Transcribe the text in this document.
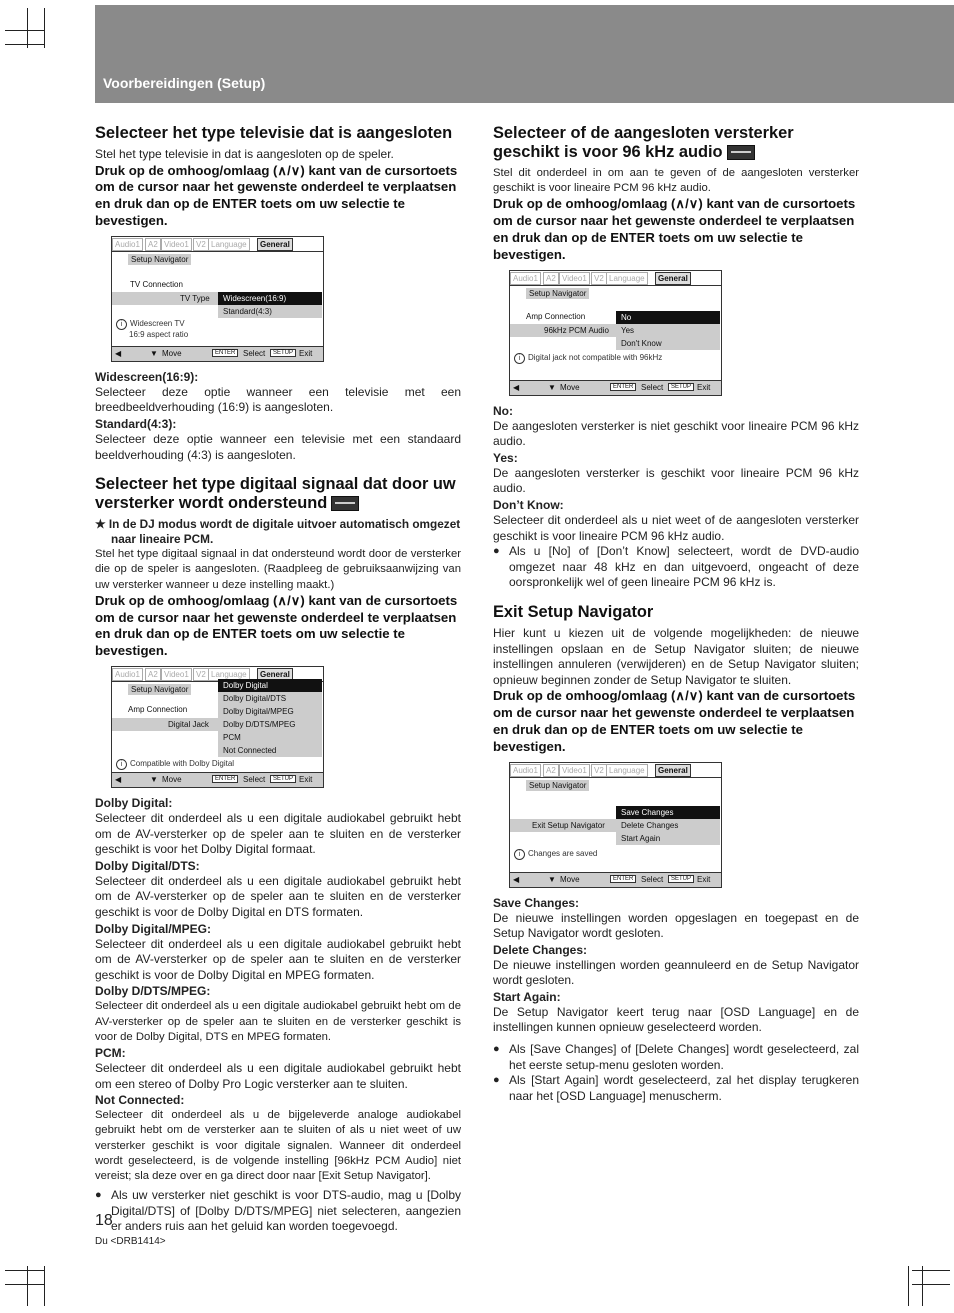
Voorbereidingen (Setup)
Selecteer het type televisie dat is aangesloten

Stel het type televisie in dat is aangesloten op de speler.

Druk op de omhoog/omlaag (∧/∨) kant van de cursortoets om de cursor naar het gewenste onderdeel te verplaatsen en druk dan op de ENTER toets om uw selectie te bevestigen.

Audio1	A2 Video1 V2 Language	General
Setup Navigator
TV Connection
TV Type	Widescreen(16:9)
Standard(4:3)
i Widescreen TV
16:9 aspect ratio
◀	▼ Move	ENTER Select	SETUP Exit
Widescreen(16:9):

Selecteer deze optie wanneer een televisie met een breedbeeldverhouding (16:9) is aangesloten.

Standard(4:3):

Selecteer deze optie wanneer een televisie met een standaard beeldverhouding (4:3) is aangesloten.

Selecteer het type digitaal signaal dat door uw versterker wordt ondersteund
★ In de DJ modus wordt de digitale uitvoer automatisch omgezet naar lineaire PCM.

Stel het type digitaal signaal in dat ondersteund wordt door de versterker die op de speler is aangesloten. (Raadpleeg de gebruiksaanwijzing van uw versterker wanneer u deze instelling maakt.)

Druk op de omhoog/omlaag (∧/∨) kant van de cursortoets om de cursor naar het gewenste onderdeel te verplaatsen en druk dan op de ENTER toets om uw selectie te bevestigen.

Audio1	A2 Video1 V2 Language	General
Setup Navigator
Amp Connection
Digital Jack
Dolby Digital
Dolby Digital/DTS
Dolby Digital/MPEG
Dolby D/DTS/MPEG
PCM
Not Connected
i Compatible with Dolby Digital
◀	▼ Move	ENTER Select	SETUP Exit
Dolby Digital:

Selecteer dit onderdeel als u een digitale audiokabel gebruikt hebt om de AV-versterker op de speler aan te sluiten en de versterker geschikt is voor het Dolby Digital formaat.

Dolby Digital/DTS:

Selecteer dit onderdeel als u een digitale audiokabel gebruikt hebt om de AV-versterker op de speler aan te sluiten en de versterker geschikt is voor de Dolby Digital en DTS formaten.

Dolby Digital/MPEG:

Selecteer dit onderdeel als u een digitale audiokabel gebruikt hebt om de AV-versterker op de speler aan te sluiten en de versterker geschikt is voor de Dolby Digital en MPEG formaten.

Dolby D/DTS/MPEG:

Selecteer dit onderdeel als u een digitale audiokabel gebruikt hebt om de AV-versterker op de speler aan te sluiten en de versterker geschikt is voor de Dolby Digital, DTS en MPEG formaten.

PCM:

Selecteer dit onderdeel als u een digitale audiokabel gebruikt hebt om een stereo of Dolby Pro Logic versterker aan te sluiten.

Not Connected:

Selecteer dit onderdeel als u de bijgeleverde analoge audiokabel gebruikt hebt om de versterker aan te sluiten of als u niet weet of uw versterker geschikt is voor digitale signalen. Wanneer dit onderdeel wordt geselecteerd, is de volgende instelling [96kHz PCM Audio] niet vereist; sla deze over en ga direct door naar [Exit Setup Navigator].

● Als uw versterker niet geschikt is voor DTS-audio, mag u [Dolby Digital/DTS] of [Dolby D/DTS/MPEG] niet selecteren, aangezien er anders ruis aan het geluid kan worden toegevoegd.
Selecteer of de aangesloten versterker geschikt is voor 96 kHz audio

Stel dit onderdeel in om aan te geven of de aangesloten versterker geschikt is voor lineaire PCM 96 kHz audio.

Druk op de omhoog/omlaag (∧/∨) kant van de cursortoets om de cursor naar het gewenste onderdeel te verplaatsen en druk dan op de ENTER toets om uw selectie te bevestigen.

Audio1	A2 Video1 V2 Language	General
Setup Navigator
Amp Connection
96kHz PCM Audio
No
Yes
Don't Know
i Digital jack not compatible with 96kHz
◀	▼ Move	ENTER Select	SETUP Exit
No:

De aangesloten versterker is niet geschikt voor lineaire PCM 96 kHz audio.

Yes:

De aangesloten versterker is geschikt voor lineaire PCM 96 kHz audio.

Don’t Know:

Selecteer dit onderdeel als u niet weet of de aangesloten versterker geschikt is voor lineaire PCM 96 kHz audio.

● Als u [No] of [Don’t Know] selecteert, wordt de DVD-audio omgezet naar 48 kHz en dan uitgevoerd, ongeacht of deze oorspronkelijk wel of geen lineaire PCM 96 kHz is.
Exit Setup Navigator

Hier kunt u kiezen uit de volgende mogelijkheden: de nieuwe instellingen opslaan en de Setup Navigator sluiten; de nieuwe instellingen annuleren (verwijderen) en de Setup Navigator sluiten; opnieuw beginnen zonder de Setup Navigator te sluiten.

Druk op de omhoog/omlaag (∧/∨) kant van de cursortoets om de cursor naar het gewenste onderdeel te verplaatsen en druk dan op de ENTER toets om uw selectie te bevestigen.

Audio1	A2 Video1 V2 Language	General
Setup Navigator
Exit Setup Navigator
Save Changes
Delete Changes
Start Again
i Changes are saved
◀	▼ Move	ENTER Select	SETUP Exit
Save Changes:

De nieuwe instellingen worden opgeslagen en toegepast en de Setup Navigator wordt gesloten.

Delete Changes:

De nieuwe instellingen worden geannuleerd en de Setup Navigator wordt gesloten.

Start Again:

De Setup Navigator keert terug naar [OSD Language] en de instellingen kunnen opnieuw geselecteerd worden.

● Als [Save Changes] of [Delete Changes] wordt geselecteerd, zal het eerste setup-menu gesloten worden.
● Als [Start Again] wordt geselecteerd, zal het display terugkeren naar het [OSD Language] menuscherm.
18
Du <DRB1414>
